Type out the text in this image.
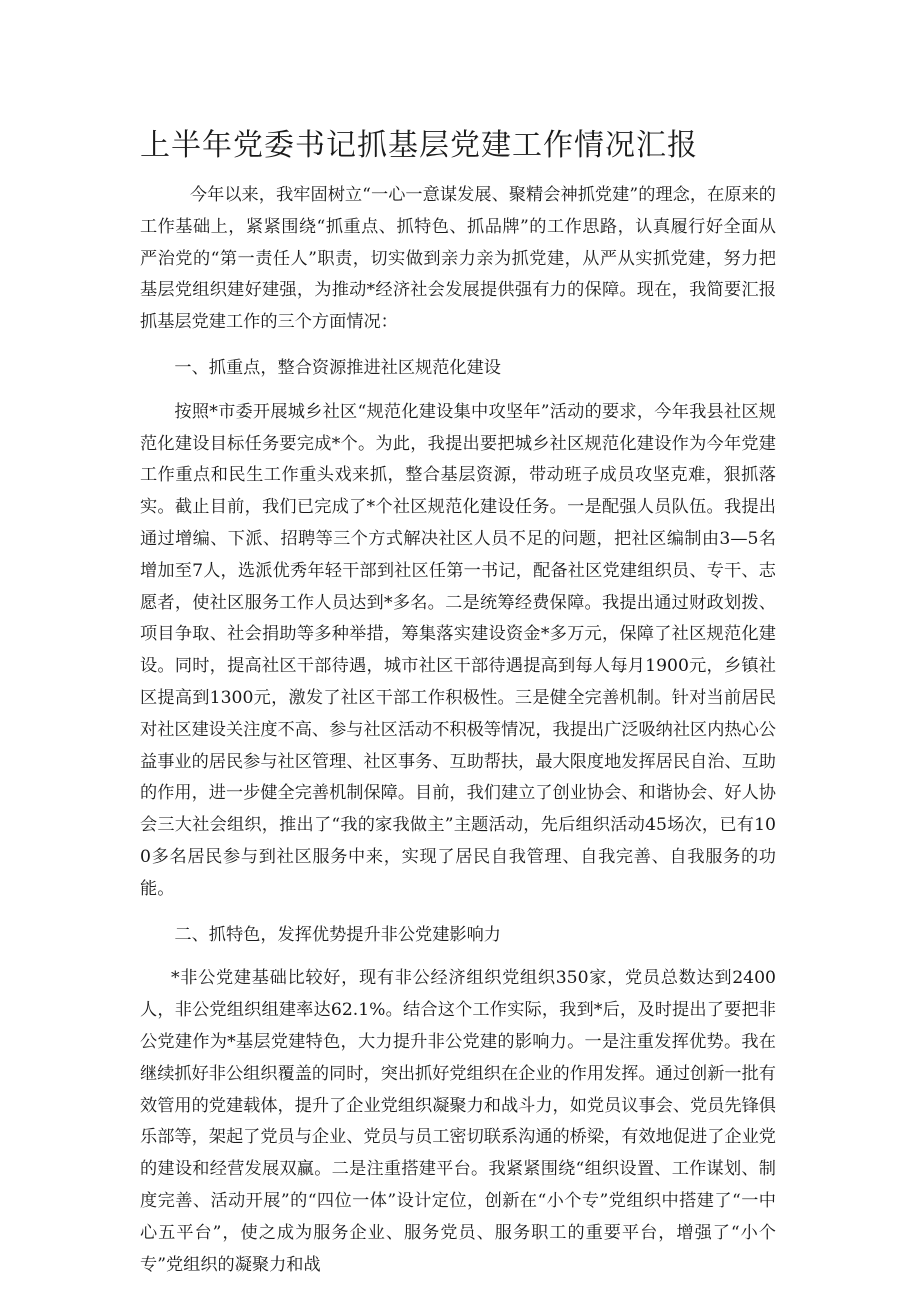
上半年党委书记抓基层党建工作情况汇报

今年以来，我牢固树立“一心一意谋发展、聚精会神抓党建”的理念，在原来的工作基础上，紧紧围绕“抓重点、抓特色、抓品牌”的工作思路，认真履行好全面从严治党的“第一责任人”职责，切实做到亲力亲为抓党建，从严从实抓党建，努力把基层党组织建好建强，为推动*经济社会发展提供强有力的保障。现在，我简要汇报抓基层党建工作的三个方面情况：

一、抓重点，整合资源推进社区规范化建设

按照*市委开展城乡社区“规范化建设集中攻坚年”活动的要求，今年我县社区规范化建设目标任务要完成*个。为此，我提出要把城乡社区规范化建设作为今年党建工作重点和民生工作重头戏来抓，整合基层资源，带动班子成员攻坚克难，狠抓落实。截止目前，我们已完成了*个社区规范化建设任务。一是配强人员队伍。我提出通过增编、下派、招聘等三个方式解决社区人员不足的问题，把社区编制由3—5名增加至7人，选派优秀年轻干部到社区任第一书记，配备社区党建组织员、专干、志愿者，使社区服务工作人员达到*多名。二是统筹经费保障。我提出通过财政划拨、项目争取、社会捐助等多种举措，筹集落实建设资金*多万元，保障了社区规范化建设。同时，提高社区干部待遇，城市社区干部待遇提高到每人每月1900元，乡镇社区提高到1300元，激发了社区干部工作积极性。三是健全完善机制。针对当前居民对社区建设关注度不高、参与社区活动不积极等情况，我提出广泛吸纳社区内热心公益事业的居民参与社区管理、社区事务、互助帮扶，最大限度地发挥居民自治、互助的作用，进一步健全完善机制保障。目前，我们建立了创业协会、和谐协会、好人协会三大社会组织，推出了“我的家我做主”主题活动，先后组织活动45场次，已有100多名居民参与到社区服务中来，实现了居民自我管理、自我完善、自我服务的功能。

二、抓特色，发挥优势提升非公党建影响力

*非公党建基础比较好，现有非公经济组织党组织350家，党员总数达到2400人，非公党组织组建率达62.1%。结合这个工作实际，我到*后，及时提出了要把非公党建作为*基层党建特色，大力提升非公党建的影响力。一是注重发挥优势。我在继续抓好非公组织覆盖的同时，突出抓好党组织在企业的作用发挥。通过创新一批有效管用的党建载体，提升了企业党组织凝聚力和战斗力，如党员议事会、党员先锋俱乐部等，架起了党员与企业、党员与员工密切联系沟通的桥梁，有效地促进了企业党的建设和经营发展双赢。二是注重搭建平台。我紧紧围绕“组织设置、工作谋划、制度完善、活动开展”的“四位一体”设计定位，创新在“小个专”党组织中搭建了“一中心五平台”，使之成为服务企业、服务党员、服务职工的重要平台，增强了“小个专”党组织的凝聚力和战
